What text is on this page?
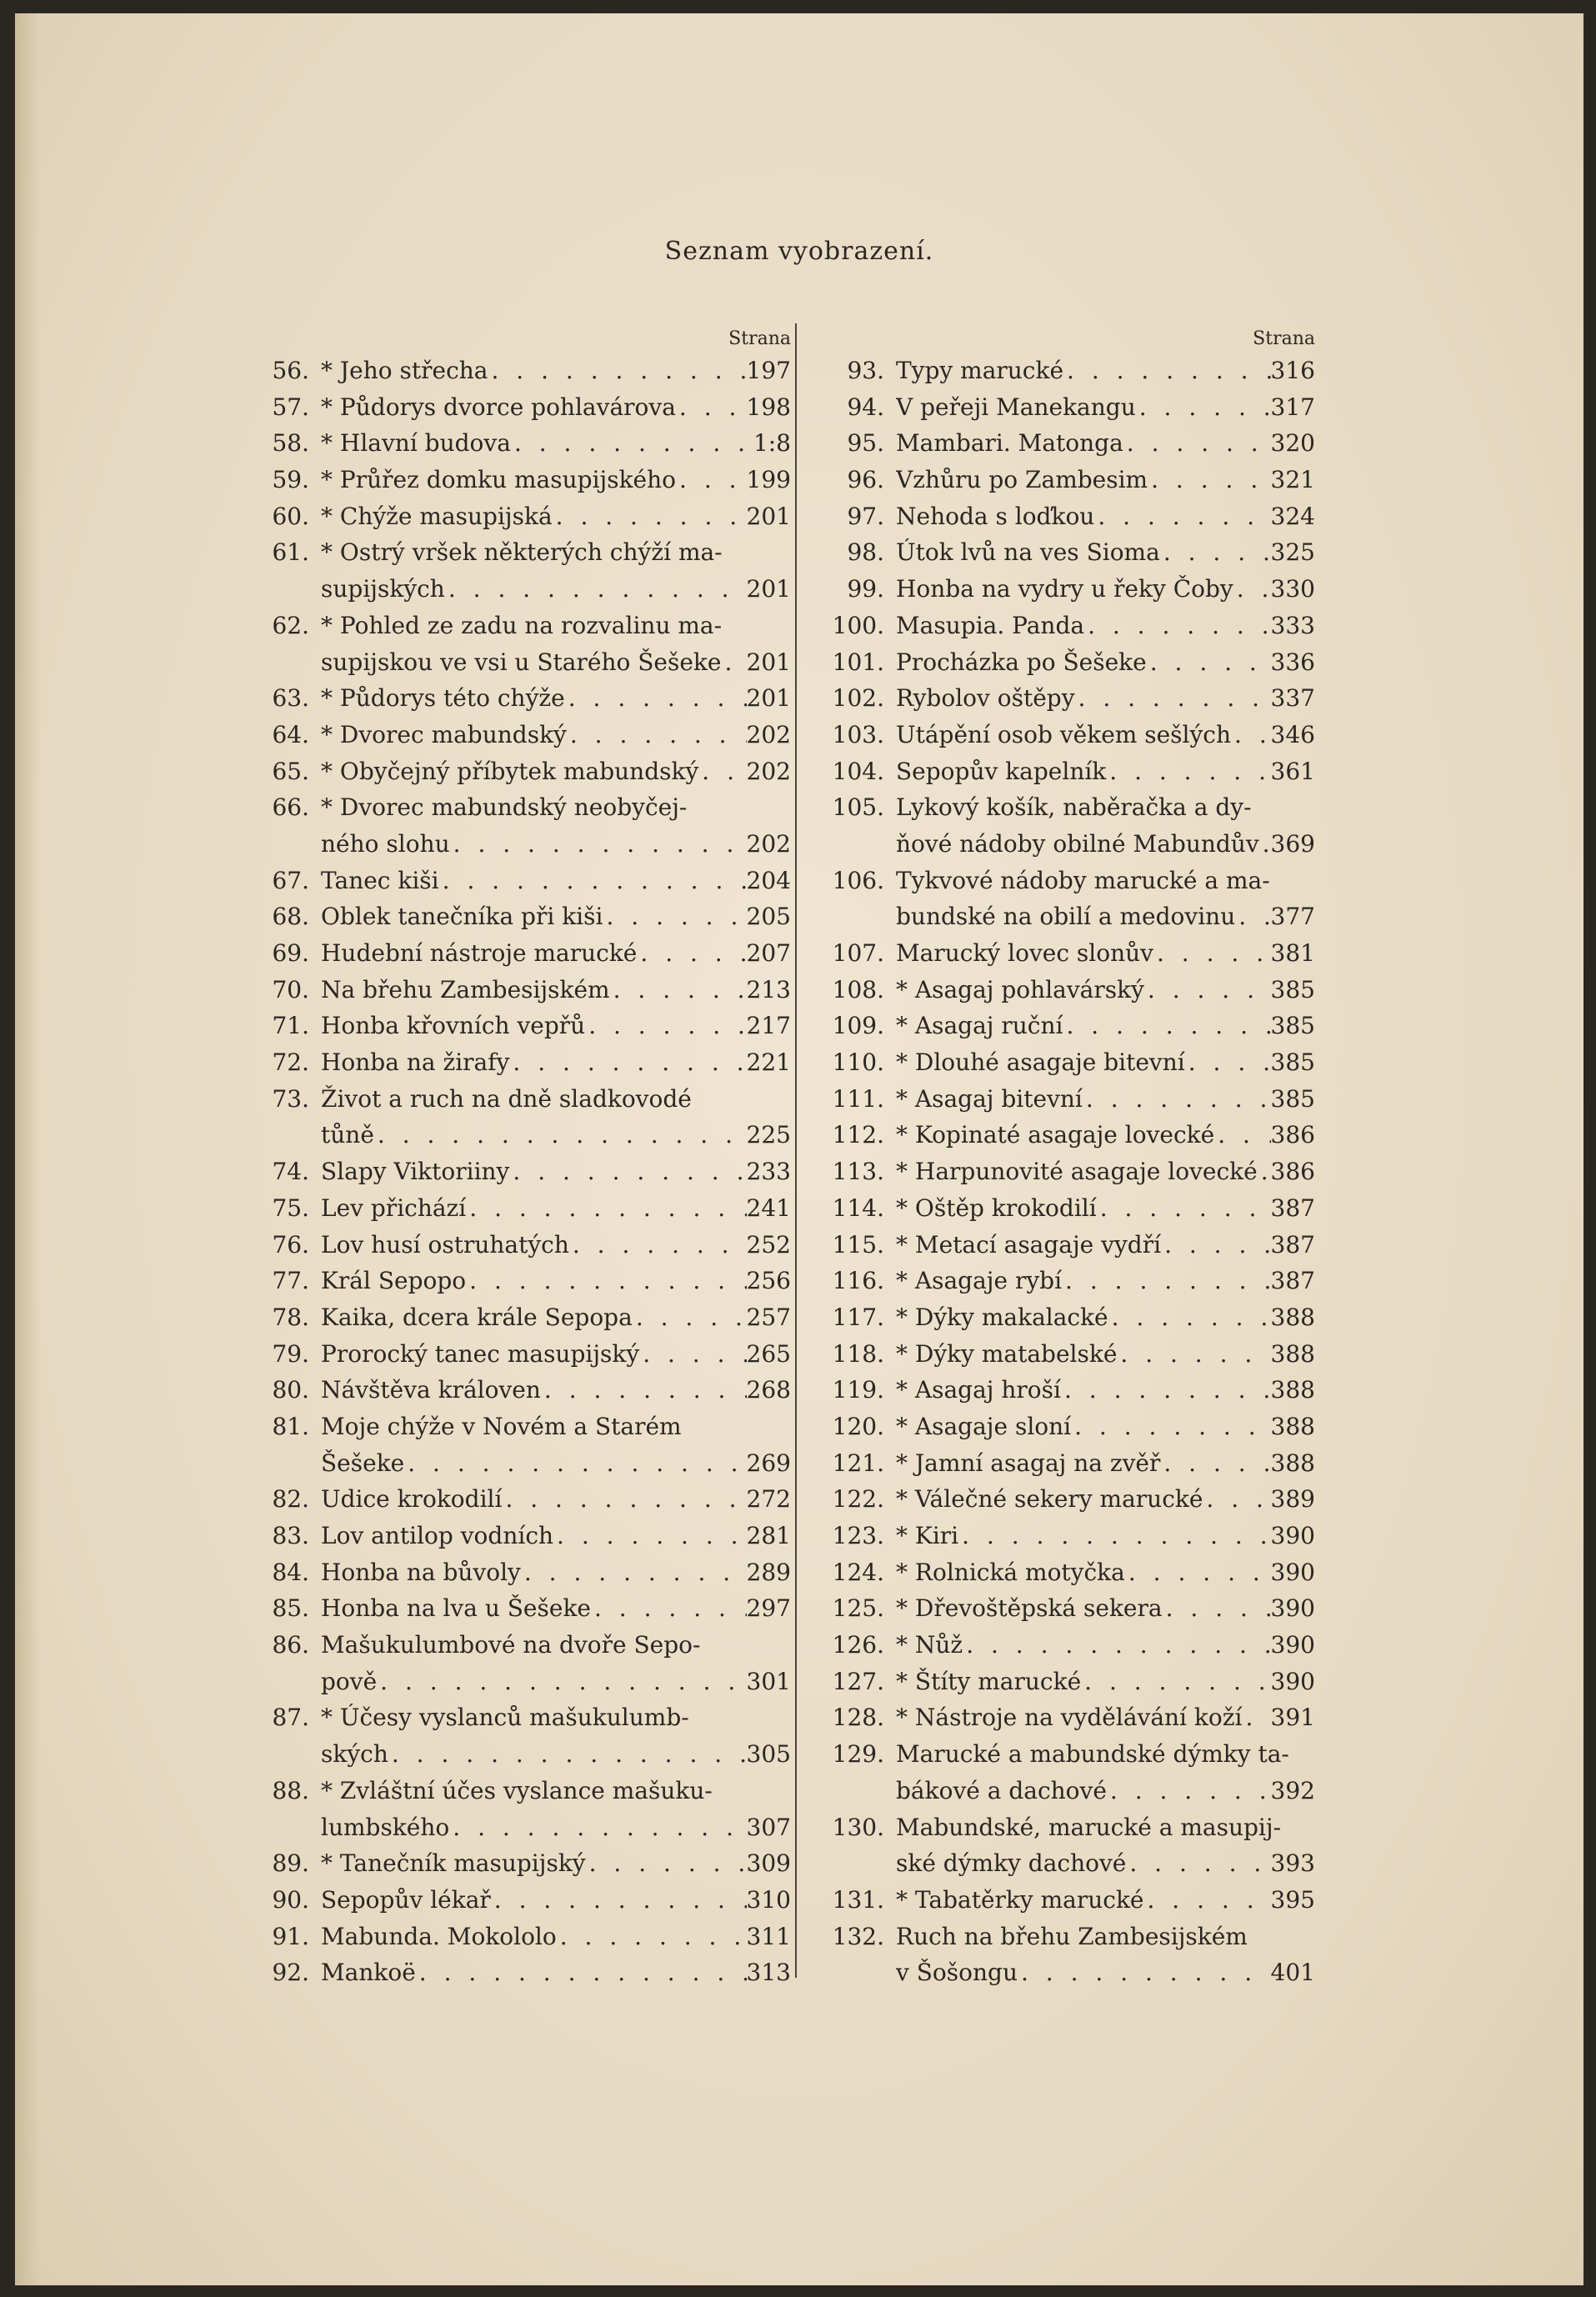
Seznam vyobrazení.
Strana
56. * Jeho střecha . . .	197
57. * Půdorys dvorce pohlavárova . . .	198
58. * Hlavní budova . . .	1:8
59. * Průřez domku masupijského . . .	199
60. * Chýže masupijská . . .	201
61. * Ostrý vršek některých chýží ma-
supijských . . .	201
62. * Pohled ze zadu na rozvalinu ma-
supijskou ve vsi u Starého Šešeke . . . 201
63. * Půdorys této chýže . . .	201
64. * Dvorec mabundský . . .	202
65. * Obyčejný příbytek mabundský . . . 202
66. * Dvorec mabundský neobyčej-
ného slohu . . .	202
67. Tanec kiši . . .	204
68. Oblek tanečníka při kiši . . .	205
69. Hudební nástroje marucké . . .	207
70. Na břehu Zambesijském . . .	213
71. Honba křovních vepřů . . .	217
72. Honba na žirafy . . .	221
73. Život a ruch na dně sladkovodé
tůně . . .	225
74. Slapy Viktoriiny . . .	233
75. Lev přichází . . .	241
76. Lov husí ostruhatých . . .	252
77. Král Sepopo . . .	256
78. Kaika, dcera krále Sepopa . . .	257
79. Prorocký tanec masupijský . . .	265
80. Návštěva královen . . .	268
81. Moje chýže v Novém a Starém
Šešeke . . .	269
82. Udice krokodilí . . .	272
83. Lov antilop vodních . . .	281
84. Honba na bůvoly . . .	289
85. Honba na lva u Šešeke . . .	297
86. Mašukulumbové na dvoře Sepo-
pově . . .	301
87. * Účesy vyslanců mašukulumb-
ských . . .	305
88. * Zvláštní účes vyslance mašuku-
lumbského . . .	307
89. * Tanečník masupijský . . .	309
90. Sepopův lékař . . .	310
91. Mabunda. Mokololo . . .	311
92. Mankoë . . .	313
Strana
93. Typy marucké . . .	316
94. V peřeji Manekangu . . .	317
95. Mambari. Matonga . . .	320
96. Vzhůru po Zambesim . . .	321
97. Nehoda s loďkou . . .	324
98. Útok lvů na ves Sioma . . .	325
99. Honba na vydry u řeky Čoby . . . 330
100. Masupia. Panda . . .	333
101. Procházka po Šešeke . . .	336
102. Rybolov oštěpy . . .	337
103. Utápění osob věkem sešlých . . . 346
104. Sepopův kapelník . . .	361
105. Lykový košík, naběračka a dy-
ňové nádoby obilné Mabundův . . . 369
106. Tykvové nádoby marucké a ma-
bundské na obilí a medovinu . . . 377
107. Marucký lovec slonův . . .	381
108. * Asagaj pohlavárský . . .	385
109. * Asagaj ruční . . .	385
110. * Dlouhé asagaje bitevní . . .	385
111. * Asagaj bitevní . . .	385
112. * Kopinaté asagaje lovecké . . . 386
113. * Harpunovité asagaje lovecké . . . 386
114. * Oštěp krokodilí . . .	387
115. * Metací asagaje vydří . . .	387
116. * Asagaje rybí . . .	387
117. * Dýky makalacké . . .	388
118. * Dýky matabelské . . .	388
119. * Asagaj hroší . . .	388
120. * Asagaje sloní . . .	388
121. * Jamní asagaj na zvěř . . .	388
122. * Válečné sekery marucké . . .	389
123. * Kiri . . .	390
124. * Rolnická motyčka . . .	390
125. * Dřevoštěpská sekera . . .	390
126. * Nůž . . .	390
127. * Štíty marucké . . .	390
128. * Nástroje na vydělávání koží . . . 391
129. Marucké a mabundské dýmky ta-
bákové a dachové . . .	392
130. Mabundské, marucké a masupij-
ské dýmky dachové . . .	393
131. * Tabatěrky marucké . . .	395
132. Ruch na břehu Zambesijském
v Šošongu . . .	401
